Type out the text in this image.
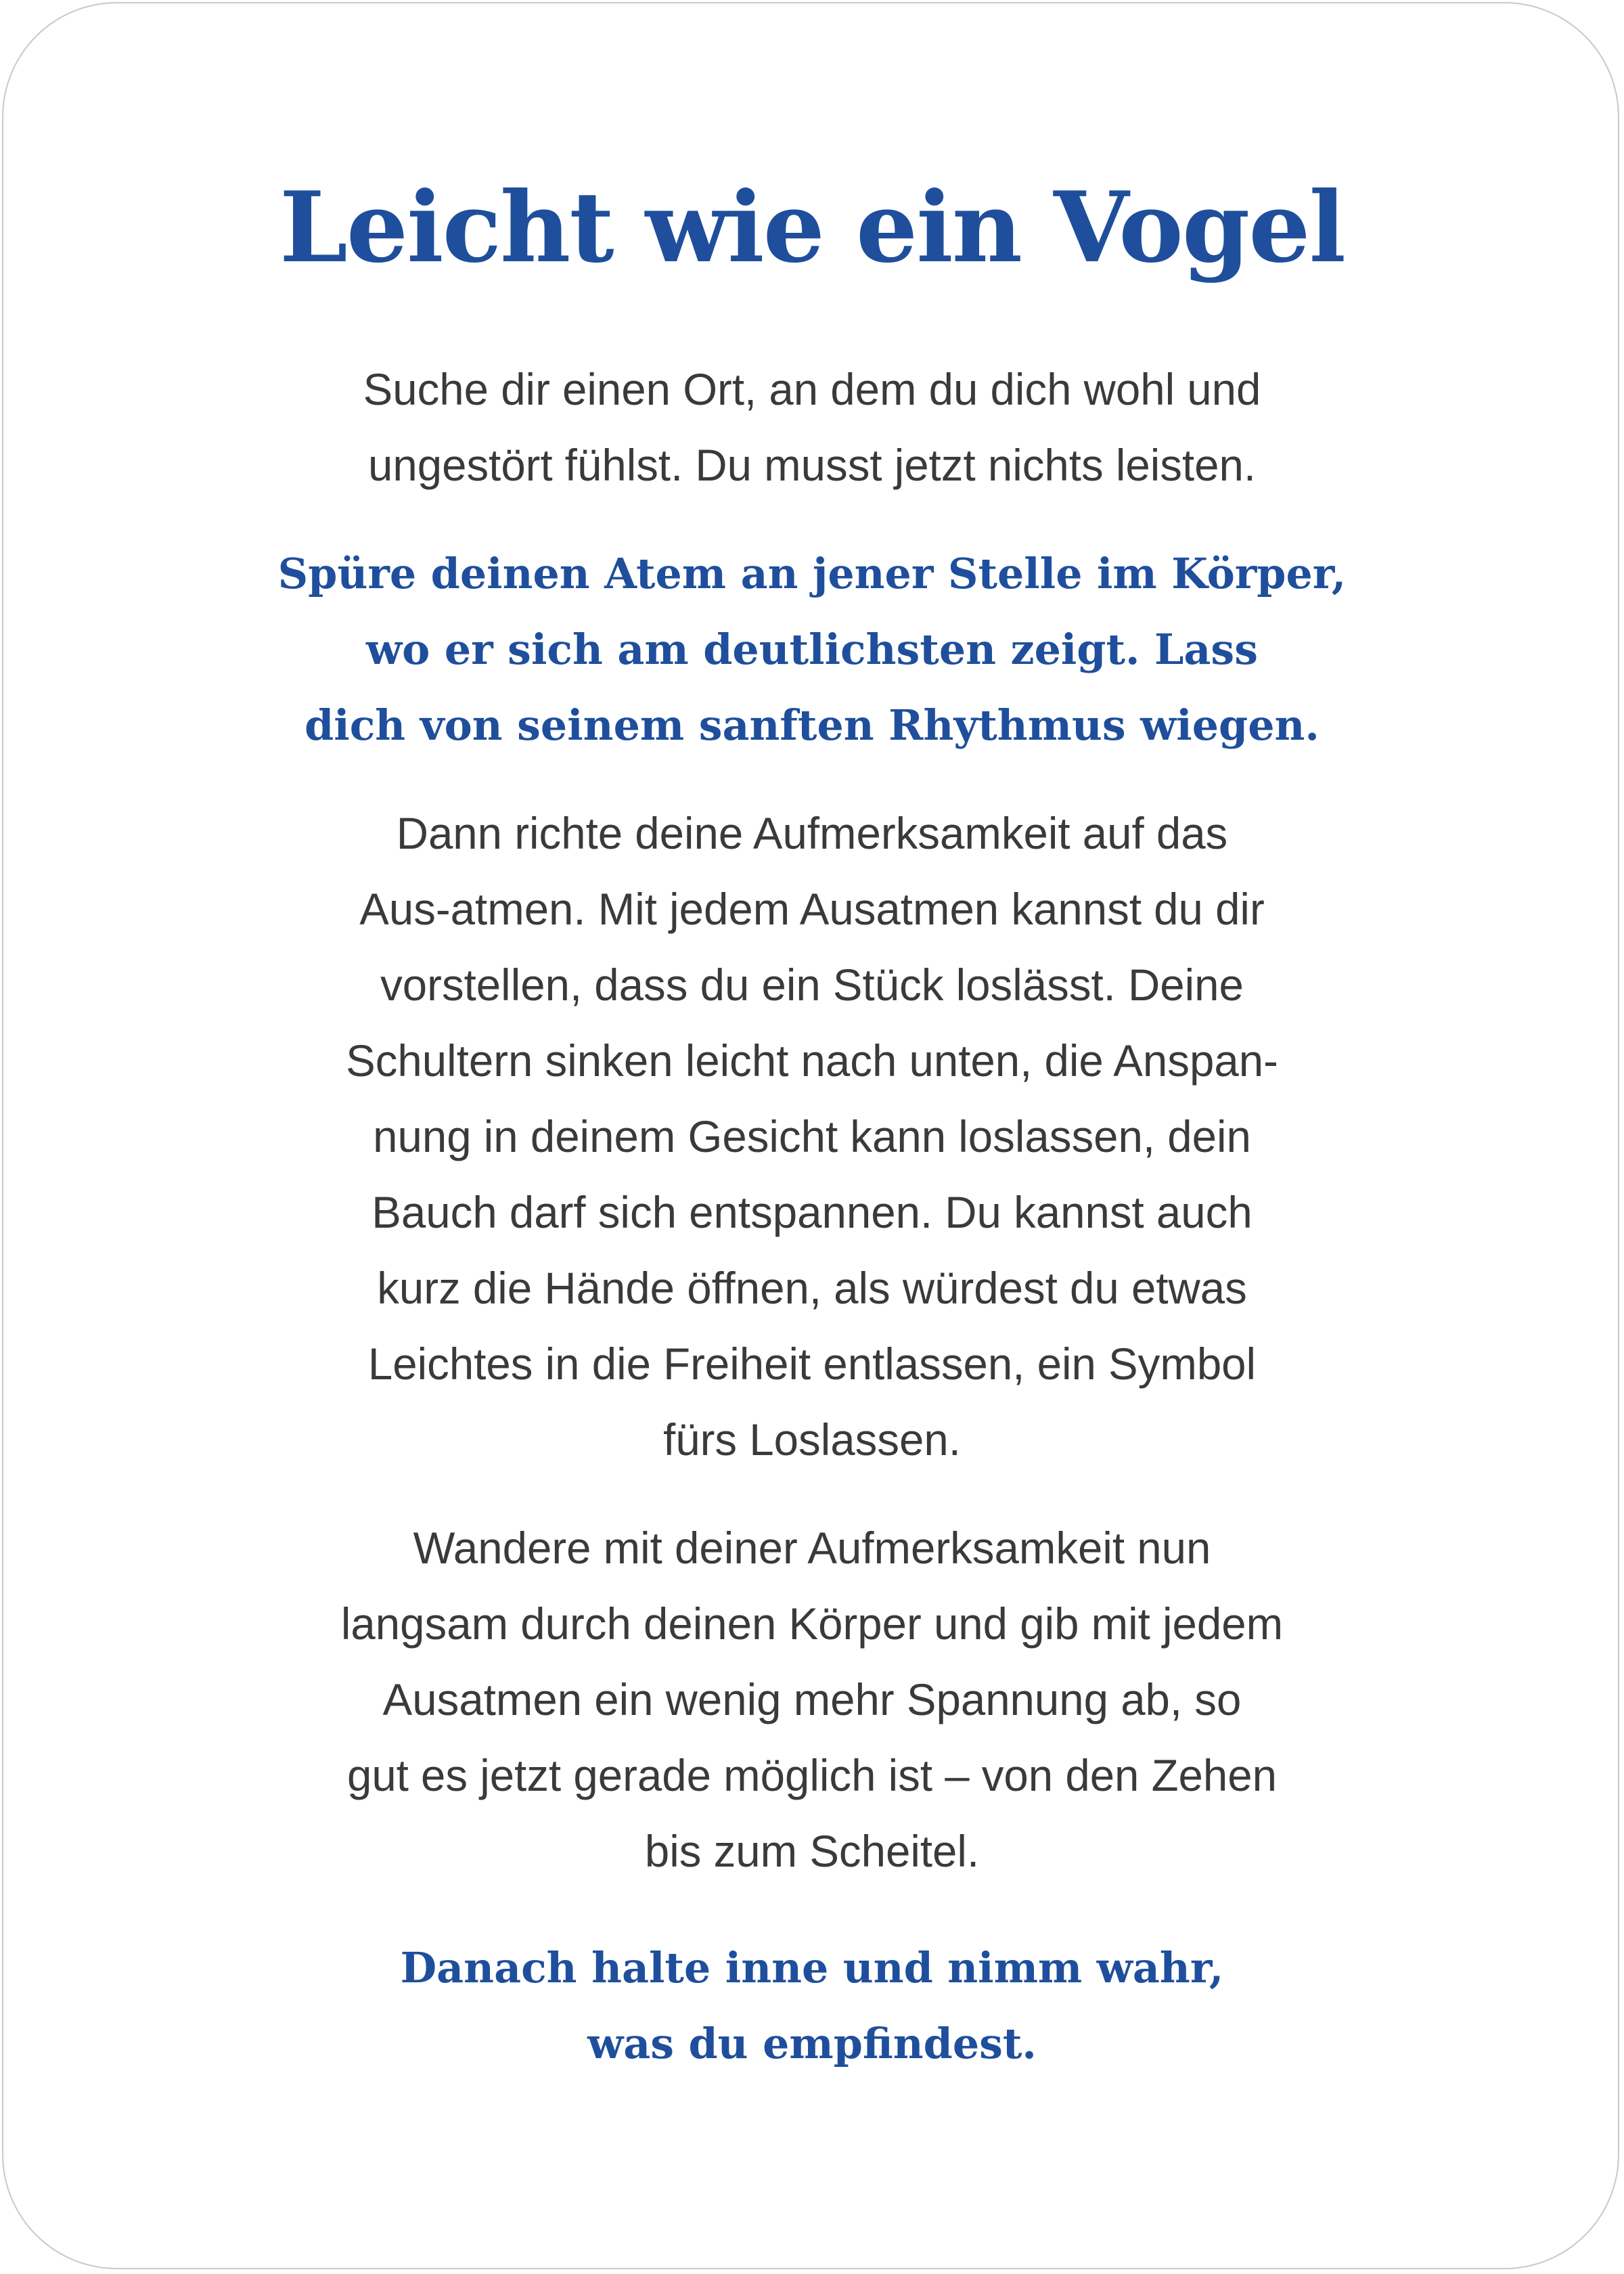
Leicht wie ein Vogel
Suche dir einen Ort, an dem du dich wohl und
ungestört fühlst. Du musst jetzt nichts leisten.
Spüre deinen Atem an jener Stelle im Körper,
wo er sich am deutlichsten zeigt. Lass
dich von seinem sanften Rhythmus wiegen.
Dann richte deine Aufmerksamkeit auf das
Aus-atmen. Mit jedem Ausatmen kannst du dir
vorstellen, dass du ein Stück loslässt. Deine
Schultern sinken leicht nach unten, die Anspan-
nung in deinem Gesicht kann loslassen, dein
Bauch darf sich entspannen. Du kannst auch
kurz die Hände öffnen, als würdest du etwas
Leichtes in die Freiheit entlassen, ein Symbol
fürs Loslassen.
Wandere mit deiner Aufmerksamkeit nun
langsam durch deinen Körper und gib mit jedem
Ausatmen ein wenig mehr Spannung ab, so
gut es jetzt gerade möglich ist – von den Zehen
bis zum Scheitel.
Danach halte inne und nimm wahr,
was du empfindest.
